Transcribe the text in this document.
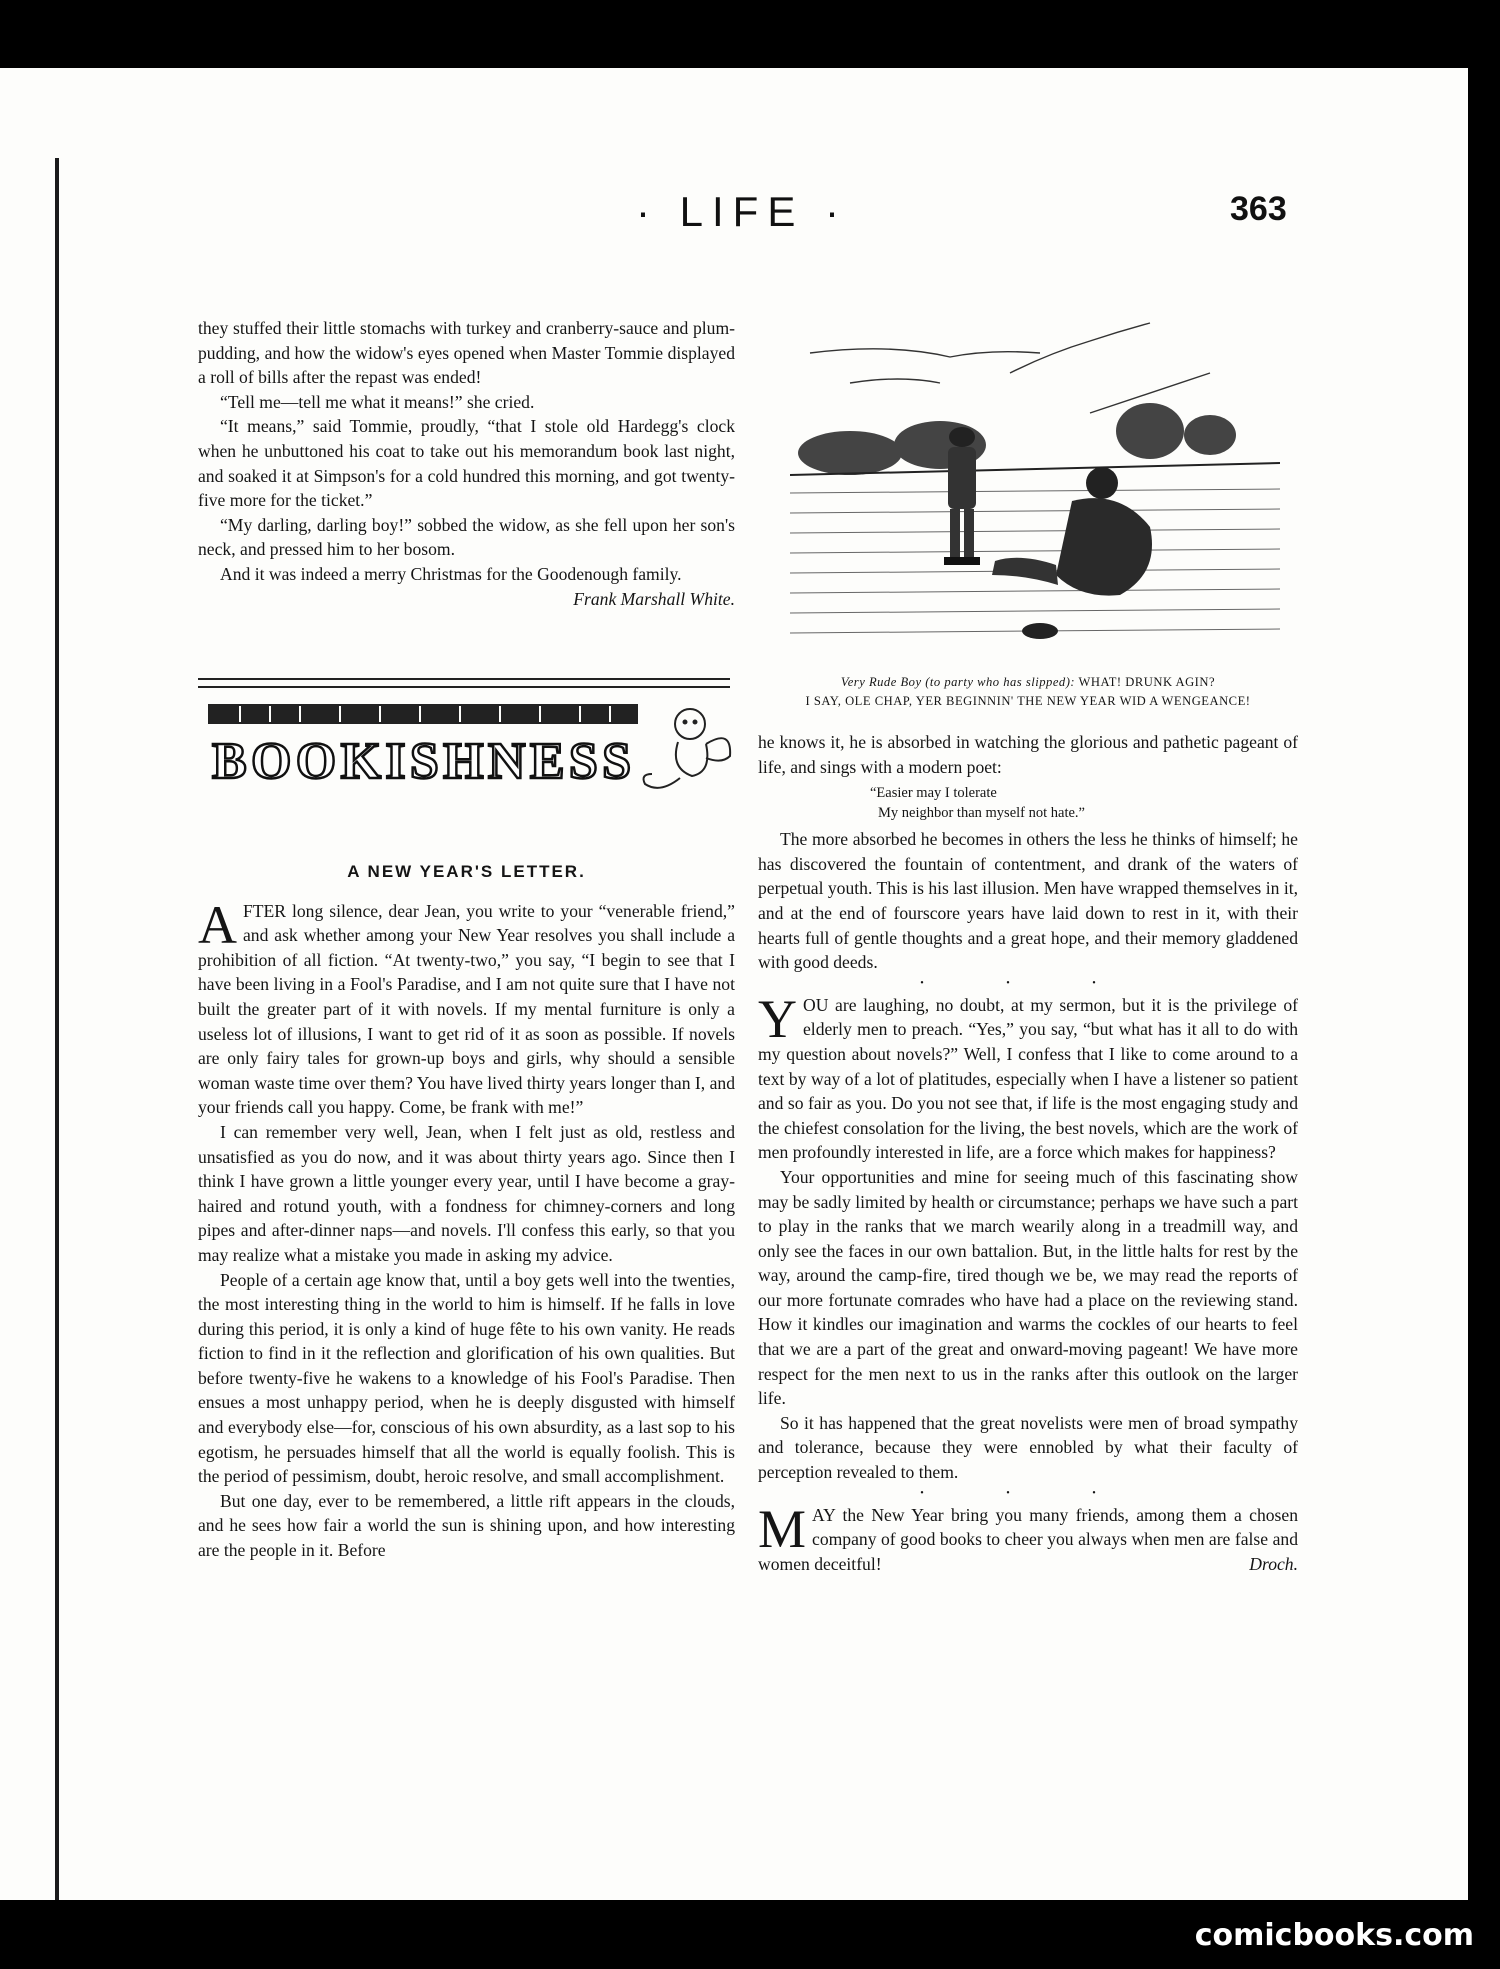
· LIFE ·	363

they stuffed their little stomachs with turkey and cranberry-sauce and plum-pudding, and how the widow's eyes opened when Master Tommie displayed a roll of bills after the repast was ended!

“Tell me—tell me what it means!” she cried.

“It means,” said Tommie, proudly, “that I stole old Hardegg's clock when he unbuttoned his coat to take out his memorandum book last night, and soaked it at Simpson's for a cold hundred this morning, and got twenty-five more for the ticket.”

“My darling, darling boy!” sobbed the widow, as she fell upon her son's neck, and pressed him to her bosom.

And it was indeed a merry Christmas for the Goodenough family.
Frank Marshall White.

BOOKISHNESS
A NEW YEAR'S LETTER.

AFTER long silence, dear Jean, you write to your “venerable friend,” and ask whether among your New Year resolves you shall include a prohibition of all fiction. “At twenty-two,” you say, “I begin to see that I have been living in a Fool's Paradise, and I am not quite sure that I have not built the greater part of it with novels. If my mental furniture is only a useless lot of illusions, I want to get rid of it as soon as possible. If novels are only fairy tales for grown-up boys and girls, why should a sensible woman waste time over them? You have lived thirty years longer than I, and your friends call you happy. Come, be frank with me!”

I can remember very well, Jean, when I felt just as old, restless and unsatisfied as you do now, and it was about thirty years ago. Since then I think I have grown a little younger every year, until I have become a gray-haired and rotund youth, with a fondness for chimney-corners and long pipes and after-dinner naps—and novels. I'll confess this early, so that you may realize what a mistake you made in asking my advice.

People of a certain age know that, until a boy gets well into the twenties, the most interesting thing in the world to him is himself. If he falls in love during this period, it is only a kind of huge fête to his own vanity. He reads fiction to find in it the reflection and glorification of his own qualities. But before twenty-five he wakens to a knowledge of his Fool's Paradise. Then ensues a most unhappy period, when he is deeply disgusted with himself and everybody else—for, conscious of his own absurdity, as a last sop to his egotism, he persuades himself that all the world is equally foolish. This is the period of pessimism, doubt, heroic resolve, and small accomplishment.

But one day, ever to be remembered, a little rift appears in the clouds, and he sees how fair a world the sun is shining upon, and how interesting are the people in it. Before

Very Rude Boy (to party who has slipped): WHAT! DRUNK AGIN?
I SAY, OLE CHAP, YER BEGINNIN' THE NEW YEAR WID A WENGEANCE!

he knows it, he is absorbed in watching the glorious and pathetic pageant of life, and sings with a modern poet:

“Easier may I tolerate
My neighbor than myself not hate.”

The more absorbed he becomes in others the less he thinks of himself; he has discovered the fountain of contentment, and drank of the waters of perpetual youth. This is his last illusion. Men have wrapped themselves in it, and at the end of fourscore years have laid down to rest in it, with their hearts full of gentle thoughts and a great hope, and their memory gladdened with good deeds.

• • •

YOU are laughing, no doubt, at my sermon, but it is the privilege of elderly men to preach. “Yes,” you say, “but what has it all to do with my question about novels?” Well, I confess that I like to come around to a text by way of a lot of platitudes, especially when I have a listener so patient and so fair as you. Do you not see that, if life is the most engaging study and the chiefest consolation for the living, the best novels, which are the work of men profoundly interested in life, are a force which makes for happiness?

Your opportunities and mine for seeing much of this fascinating show may be sadly limited by health or circumstance; perhaps we have such a part to play in the ranks that we march wearily along in a treadmill way, and only see the faces in our own battalion. But, in the little halts for rest by the way, around the camp-fire, tired though we be, we may read the reports of our more fortunate comrades who have had a place on the reviewing stand. How it kindles our imagination and warms the cockles of our hearts to feel that we are a part of the great and onward-moving pageant! We have more respect for the men next to us in the ranks after this outlook on the larger life.

So it has happened that the great novelists were men of broad sympathy and tolerance, because they were ennobled by what their faculty of perception revealed to them.

• • •

MAY the New Year bring you many friends, among them a chosen company of good books to cheer you always when men are false and women deceitful!	Droch.

comicbooks.com
